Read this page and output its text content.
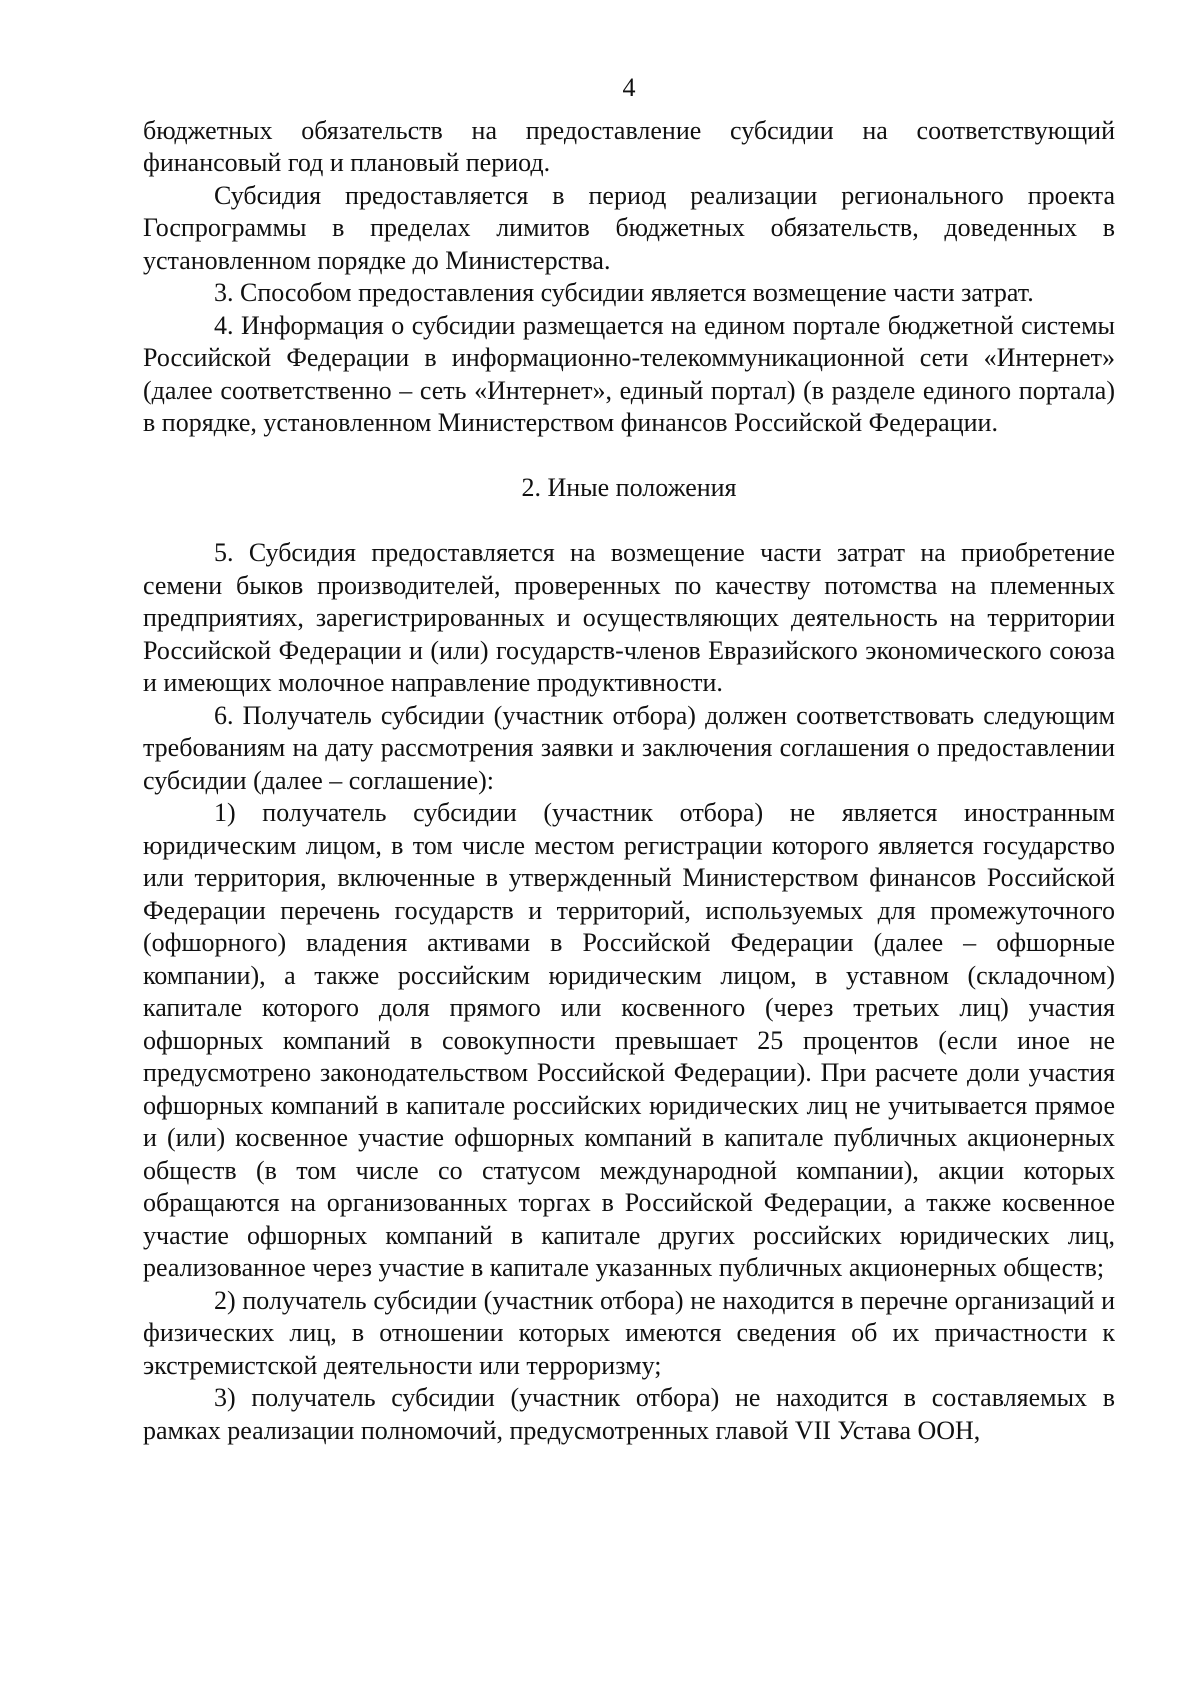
4

бюджетных обязательств на предоставление субсидии на соответствующий финансовый год и плановый период.

Субсидия предоставляется в период реализации регионального проекта Госпрограммы в пределах лимитов бюджетных обязательств, доведенных в установленном порядке до Министерства.

3. Способом предоставления субсидии является возмещение части затрат.

4. Информация о субсидии размещается на едином портале бюджетной системы Российской Федерации в информационно-телекоммуникационной сети «Интернет» (далее соответственно – сеть «Интернет», единый портал) (в разделе единого портала) в порядке, установленном Министерством финансов Российской Федерации.

2. Иные положения

5. Субсидия предоставляется на возмещение части затрат на приобретение семени быков производителей, проверенных по качеству потомства на племенных предприятиях, зарегистрированных и осуществляющих деятельность на территории Российской Федерации и (или) государств-членов Евразийского экономического союза и имеющих молочное направление продуктивности.

6. Получатель субсидии (участник отбора) должен соответствовать следующим требованиям на дату рассмотрения заявки и заключения соглашения о предоставлении субсидии (далее – соглашение):

1) получатель субсидии (участник отбора) не является иностранным юридическим лицом, в том числе местом регистрации которого является государство или территория, включенные в утвержденный Министерством финансов Российской Федерации перечень государств и территорий, используемых для промежуточного (офшорного) владения активами в Российской Федерации (далее – офшорные компании), а также российским юридическим лицом, в уставном (складочном) капитале которого доля прямого или косвенного (через третьих лиц) участия офшорных компаний в совокупности превышает 25 процентов (если иное не предусмотрено законодательством Российской Федерации). При расчете доли участия офшорных компаний в капитале российских юридических лиц не учитывается прямое и (или) косвенное участие офшорных компаний в капитале публичных акционерных обществ (в том числе со статусом международной компании), акции которых обращаются на организованных торгах в Российской Федерации, а также косвенное участие офшорных компаний в капитале других российских юридических лиц, реализованное через участие в капитале указанных публичных акционерных обществ;

2) получатель субсидии (участник отбора) не находится в перечне организаций и физических лиц, в отношении которых имеются сведения об их причастности к экстремистской деятельности или терроризму;

3) получатель субсидии (участник отбора) не находится в составляемых в рамках реализации полномочий, предусмотренных главой VII Устава ООН,
